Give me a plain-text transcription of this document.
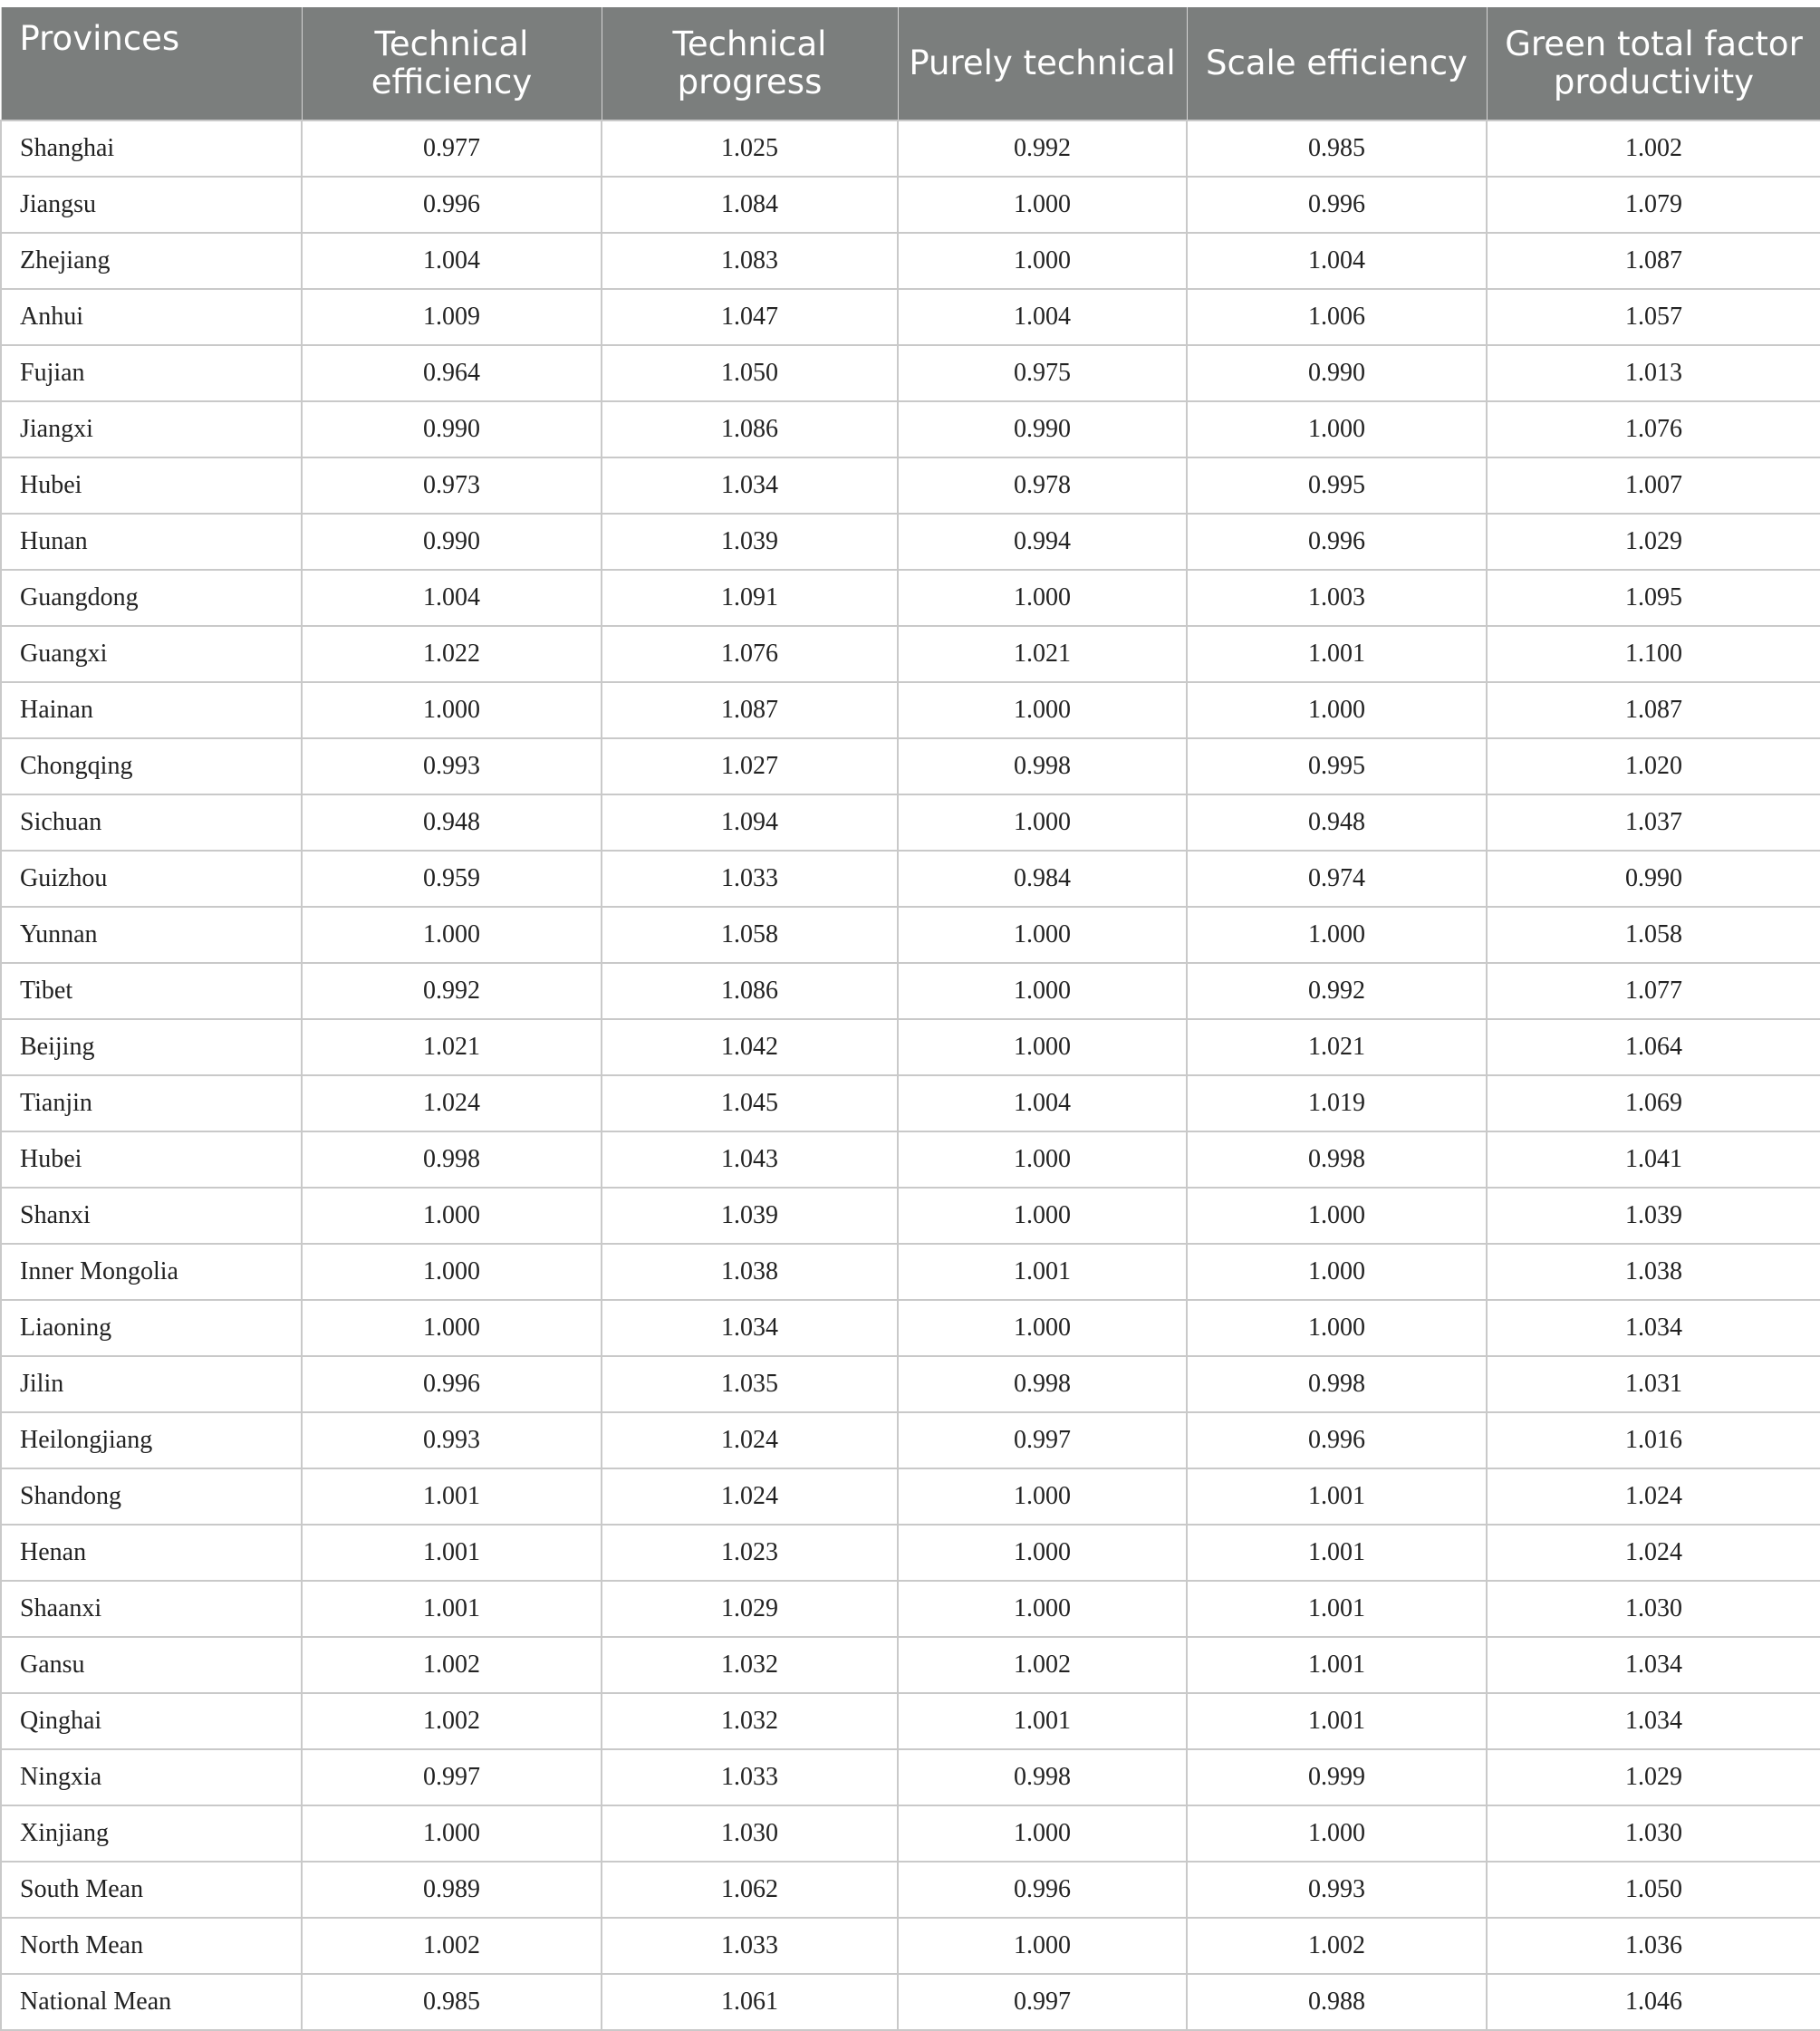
Provinces	Technical efficiency	Technical progress	Purely technical	Scale efficiency	Green total factor productivity
Shanghai	0.977	1.025	0.992	0.985	1.002
Jiangsu	0.996	1.084	1.000	0.996	1.079
Zhejiang	1.004	1.083	1.000	1.004	1.087
Anhui	1.009	1.047	1.004	1.006	1.057
Fujian	0.964	1.050	0.975	0.990	1.013
Jiangxi	0.990	1.086	0.990	1.000	1.076
Hubei	0.973	1.034	0.978	0.995	1.007
Hunan	0.990	1.039	0.994	0.996	1.029
Guangdong	1.004	1.091	1.000	1.003	1.095
Guangxi	1.022	1.076	1.021	1.001	1.100
Hainan	1.000	1.087	1.000	1.000	1.087
Chongqing	0.993	1.027	0.998	0.995	1.020
Sichuan	0.948	1.094	1.000	0.948	1.037
Guizhou	0.959	1.033	0.984	0.974	0.990
Yunnan	1.000	1.058	1.000	1.000	1.058
Tibet	0.992	1.086	1.000	0.992	1.077
Beijing	1.021	1.042	1.000	1.021	1.064
Tianjin	1.024	1.045	1.004	1.019	1.069
Hubei	0.998	1.043	1.000	0.998	1.041
Shanxi	1.000	1.039	1.000	1.000	1.039
Inner Mongolia	1.000	1.038	1.001	1.000	1.038
Liaoning	1.000	1.034	1.000	1.000	1.034
Jilin	0.996	1.035	0.998	0.998	1.031
Heilongjiang	0.993	1.024	0.997	0.996	1.016
Shandong	1.001	1.024	1.000	1.001	1.024
Henan	1.001	1.023	1.000	1.001	1.024
Shaanxi	1.001	1.029	1.000	1.001	1.030
Gansu	1.002	1.032	1.002	1.001	1.034
Qinghai	1.002	1.032	1.001	1.001	1.034
Ningxia	0.997	1.033	0.998	0.999	1.029
Xinjiang	1.000	1.030	1.000	1.000	1.030
South Mean	0.989	1.062	0.996	0.993	1.050
North Mean	1.002	1.033	1.000	1.002	1.036
National Mean	0.985	1.061	0.997	0.988	1.046
